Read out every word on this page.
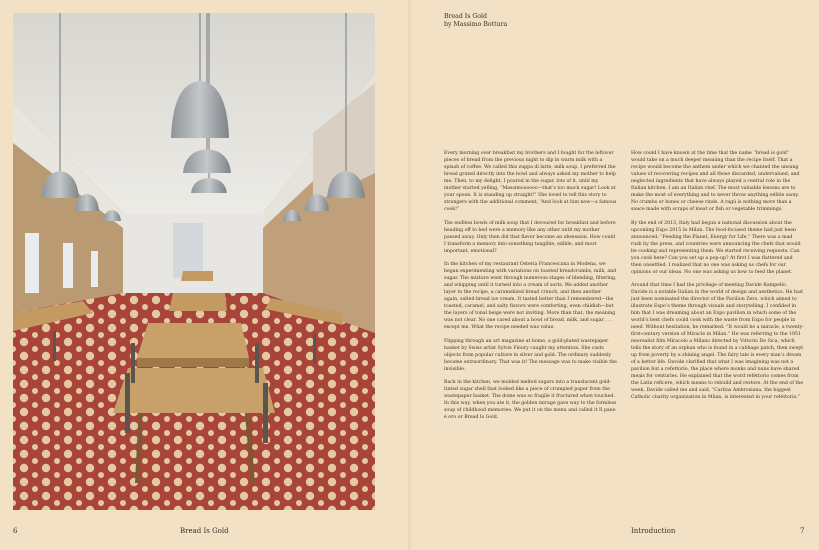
6	Bread Is Gold
Bread Is Gold
by Massimo Bottura

Every morning over breakfast my brothers and I fought for the leftover pieces of bread from the previous night to dip in warm milk with a splash of coffee. We called this zuppa di latte, milk soup. I preferred the bread grated directly into the bowl and always asked my mother to help me. Then, to my delight, I poured in the sugar, lots of it, until my mother started yelling, “Massimoooooo—that’s too much sugar! Look at your spoon. It is standing up straight!” She loved to tell this story to strangers with the additional comment, “And look at him now—a famous cook!”

The endless bowls of milk soup that I devoured for breakfast and before heading off to bed were a memory like any other until my mother passed away. Only then did that flavor become an obsession. How could I transform a memory into something tangible, edible, and most important, emotional?

In the kitchen of my restaurant Osteria Francescana in Modena, we began experimenting with variations on toasted breadcrumbs, milk, and sugar. The mixture went through numerous stages of blending, filtering, and whipping until it turned into a cream of sorts. We added another layer to the recipe, a caramelized bread crunch, and then another again, salted bread ice cream. It tasted better than I remembered—the toasted, caramel, and salty flavors were comforting, even childish—but the layers of tonal beige were not inviting. More than that, the meaning was not clear. No one cared about a bowl of bread, milk, and sugar . . . except me. What the recipe needed was value.

Flipping through an art magazine at home, a gold-plated wastepaper basket by Swiss artist Sylvie Fleury caught my attention. She casts objects from popular culture in silver and gold. The ordinary suddenly became extraordinary. That was it! The message was to make visible the invisible.

Back in the kitchen, we molded melted sugars into a translucent gold-tinted sugar shell that looked like a piece of crumpled paper from the wastepaper basket. The dome was so fragile it fractured when touched. In this way, when you ate it, the golden mirage gave way to the formless soup of childhood memories. We put it on the menu and called it Il pane è oro or Bread Is Gold.

How could I have known at the time that the name “bread is gold” would take on a much deeper meaning than the recipe itself. That a recipe would become the anthem under which we chanted the unsung values of recovering recipes and all those discarded, undervalued, and neglected ingredients that have always played a central role in the Italian kitchen. I am an Italian chef. The most valuable lessons are to make the most of everything and to never throw anything edible away. No crumbs or bones or cheese rinds. A ragù is nothing more than a sauce made with scraps of meat or fish or vegetable trimmings.

By the end of 2013, Italy had begun a national discussion about the upcoming Expo 2015 in Milan. The food-focused theme had just been announced: “Feeding the Planet, Energy for Life.” There was a mad rush by the press, and countries were announcing the chefs that would be cooking and representing them. We started receiving requests: Can you cook here? Can you set up a pop-up? At first I was flattered and then unsettled. I realized that no one was asking us chefs for our opinions or our ideas. No one was asking us how to feed the planet.

Around that time I had the privilege of meeting Davide Rampello. Davide is a notable Italian in the world of design and aesthetics. He had just been nominated the director of the Pavilion Zero, which aimed to illustrate Expo’s theme through visuals and storytelling. I confided in him that I was dreaming about an Expo pavilion in which some of the world’s best chefs could cook with the waste from Expo for people in need. Without hesitation, he remarked: “It would be a miracle, a twenty-first-century version of Miracle in Milan.” He was referring to the 1951 neorealist film Miracolo a Milano directed by Vittorio De Sica, which tells the story of an orphan who is found in a cabbage patch, then swept up from poverty by a shining angel. The fairy tale is every man’s dream of a better life. Davide clarified that what I was imagining was not a pavilion but a refettorio, the place where monks and nuns have shared meals for centuries. He explained that the word refettorio comes from the Latin reficere, which means to rebuild and restore. At the end of the week, Davide called me and said, “Caritas Ambrosiana, the biggest Catholic charity organization in Milan, is interested in your refettorio.”

Introduction	7
